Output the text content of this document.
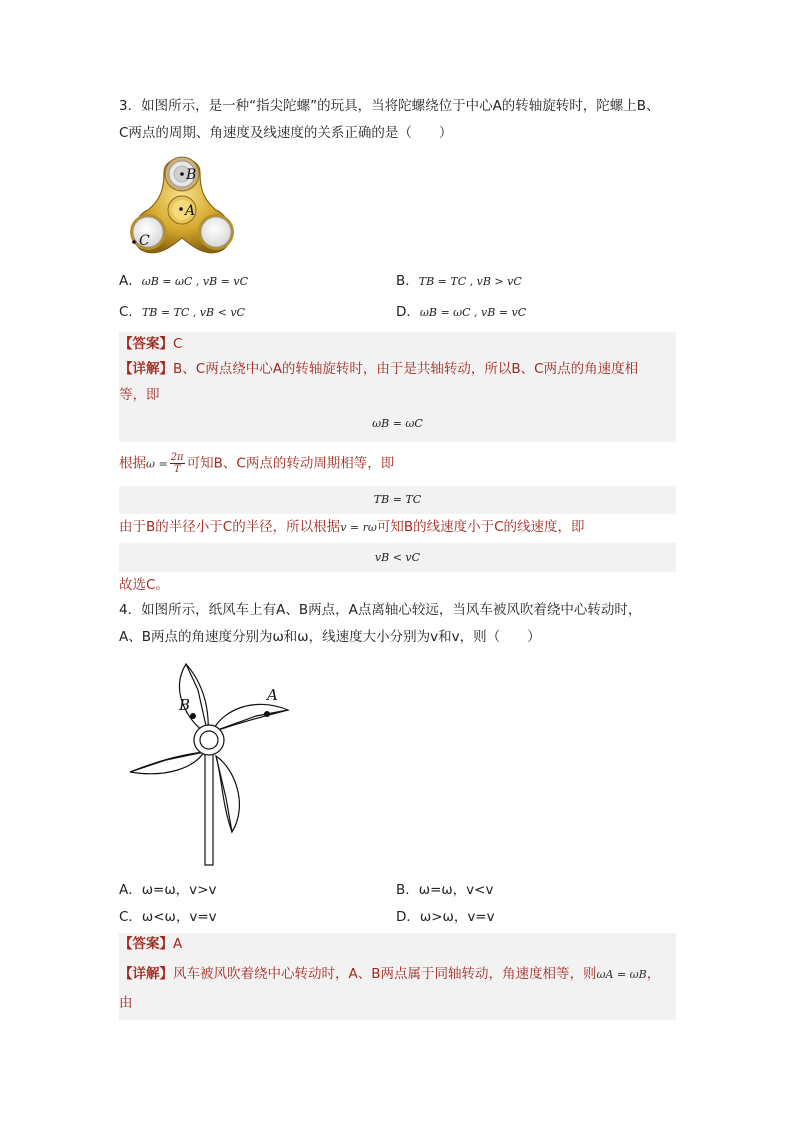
3．如图所示，是一种“指尖陀螺”的玩具，当将陀螺绕位于中心A的转轴旋转时，陀螺上B、
C两点的周期、角速度及线速度的关系正确的是（　　）
B
A
C
A．ωB = ωC , vB = vC	B．TB = TC , vB > vC
C．TB = TC , vB < vC	D．ωB = ωC , vB = vC
【答案】C
【详解】B、C两点绕中心A的转轴旋转时，由于是共轴转动，所以B、C两点的角速度相
等，即
ωB = ωC
根据$\omega = \frac{2\pi}{T}$ 可知B、C两点的转动周期相等，即
TB = TC
由于B的半径小于C的半径，所以根据v = rω可知B的线速度小于C的线速度，即
vB < vC
故选C。
4．如图所示，纸风车上有A、B两点，A点离轴心较远，当风车被风吹着绕中心转动时，
A、B两点的角速度分别为ω和ω，线速度大小分别为v和v，则（　　）
B
A
A．ω=ω，v>v	B．ω=ω，v<v
C．ω<ω，v=v	D．ω>ω，v=v
【答案】A
【详解】风车被风吹着绕中心转动时，A、B两点属于同轴转动，角速度相等，则ωA = ωB，
由
